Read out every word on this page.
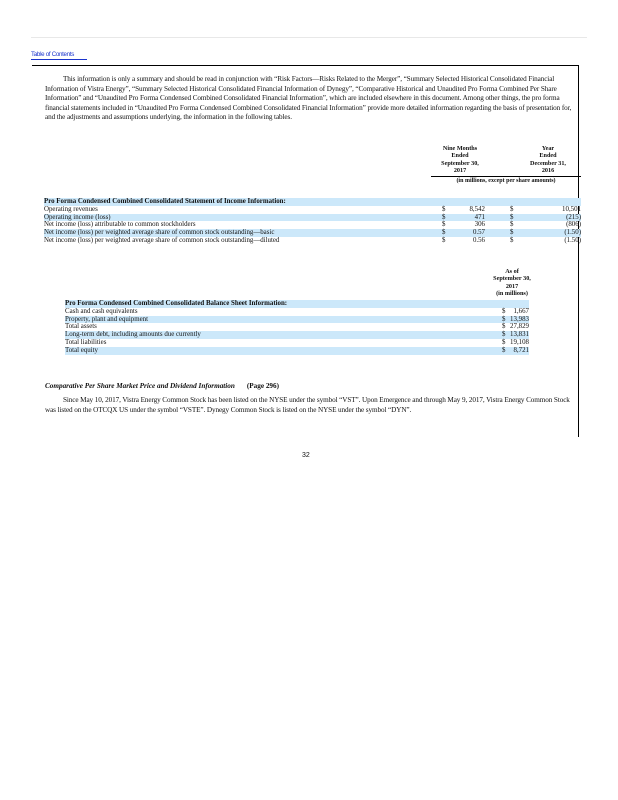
Table of Contents

This information is only a summary and should be read in conjunction with “Risk Factors—Risks Related to the Merger”, “Summary Selected Historical Consolidated Financial Information of Vistra Energy”, “Summary Selected Historical Consolidated Financial Information of Dynegy”, “Comparative Historical and Unaudited Pro Forma Combined Per Share Information” and “Unaudited Pro Forma Condensed Combined Consolidated Financial Information”, which are included elsewhere in this document. Among other things, the pro forma financial statements included in “Unaudited Pro Forma Condensed Combined Consolidated Financial Information” provide more detailed information regarding the basis of presentation for, and the adjustments and assumptions underlying, the information in the following tables.

Nine Months
Ended
September 30,
2017
Year
Ended
December 31,
2016
(in millions, except per share amounts)
Pro Forma Condensed Combined Consolidated Statement of Income Information:
Operating revenues	$	8,542	$	10,501
Operating income (loss)	$	471	$	(215)
Net income (loss) attributable to common stockholders	$	306	$	(806)
Net income (loss) per weighted average share of common stock outstanding—basic	$	0.57	$	(1.50)
Net income (loss) per weighted average share of common stock outstanding—diluted	$	0.56	$	(1.50)
As of
September 30,
2017
(in millions)
Pro Forma Condensed Combined Consolidated Balance Sheet Information:
Cash and cash equivalents	$ 1,667
Property, plant and equipment	$ 13,983
Total assets	$ 27,829
Long-term debt, including amounts due currently	$ 13,831
Total liabilities	$ 19,108
Total equity	$ 8,721
Comparative Per Share Market Price and Dividend Information (Page 296)

Since May 10, 2017, Vistra Energy Common Stock has been listed on the NYSE under the symbol “VST”. Upon Emergence and through May 9, 2017, Vistra Energy Common Stock was listed on the OTCQX US under the symbol “VSTE”. Dynegy Common Stock is listed on the NYSE under the symbol “DYN”.

32
